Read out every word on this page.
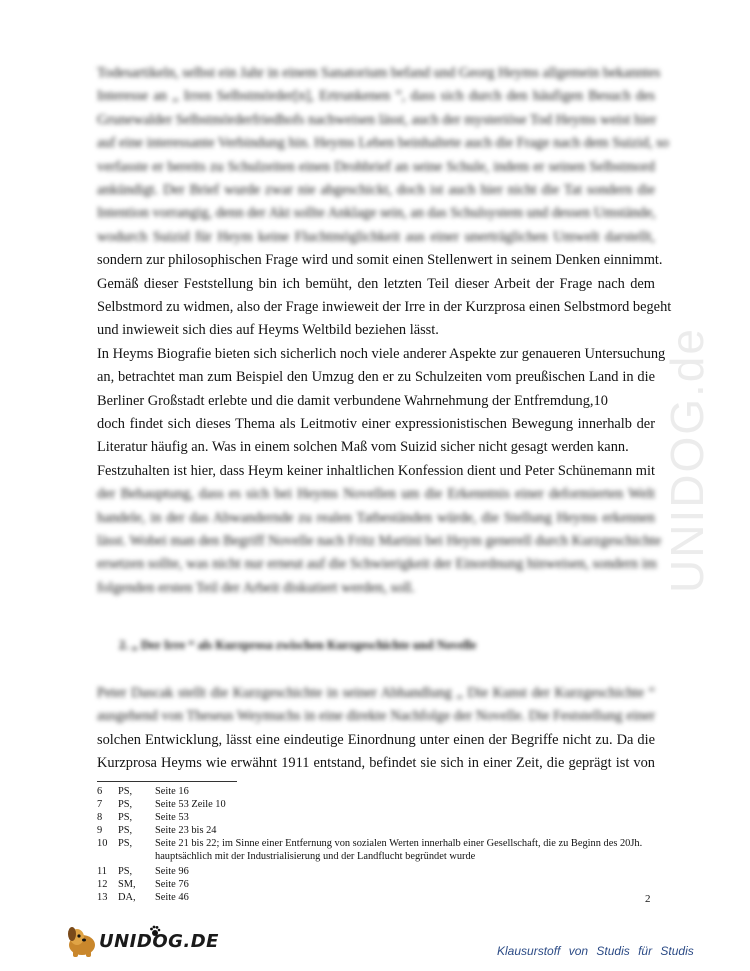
UNIDOG.de
Todesartikeln, selbst ein Jahr in einem Sanatorium befand und Georg Heyms allgemein bekanntes
Interesse an „ Irren Selbstmörder[n], Ertrunkenen ”, dass sich durch den häufigen Besuch des
Grunewalder Selbstmörderfriedhofs nachweisen lässt, auch der mysteriöse Tod Heyms weist hier
auf eine interessante Verbindung hin. Heyms Leben beinhaltete auch die Frage nach dem Suizid, so
verfasste er bereits zu Schulzeiten einen Drohbrief an seine Schule, indem er seinen Selbstmord
ankündigt. Der Brief wurde zwar nie abgeschickt, doch ist auch hier nicht die Tat sondern die
Intention vorrangig, denn der Akt sollte Anklage sein, an das Schulsystem und dessen Umstände,
wodurch Suizid für Heym keine Fluchtmöglichkeit aus einer unerträglichen Umwelt darstellt,
sondern zur philosophischen Frage wird und somit einen Stellenwert in seinem Denken einnimmt.
Gemäß dieser Feststellung bin ich bemüht, den letzten Teil dieser Arbeit der Frage nach dem
Selbstmord zu widmen, also der Frage inwieweit der Irre in der Kurzprosa einen Selbstmord begeht
und inwieweit sich dies auf Heyms Weltbild beziehen lässt.
In Heyms Biografie bieten sich sicherlich noch viele anderer Aspekte zur genaueren Untersuchung
an, betrachtet man zum Beispiel den Umzug den er zu Schulzeiten vom preußischen Land in die
Berliner Großstadt erlebte und die damit verbundene Wahrnehmung der Entfremdung,10
doch findet sich dieses Thema als Leitmotiv einer expressionistischen Bewegung innerhalb der
Literatur häufig an. Was in einem solchen Maß vom Suizid sicher nicht gesagt werden kann.
Festzuhalten ist hier, dass Heym keiner inhaltlichen Konfession dient und Peter Schünemann mit
der Behauptung, dass es sich bei Heyms Novellen um die Erkenntnis einer deformierten Welt
handele, in der das Abwandernde zu realen Tatbeständen würde, die Stellung Heyms erkennen
lässt. Wobei man den Begriff Novelle nach Fritz Martini bei Heym generell durch Kurzgeschichte
ersetzen sollte, was nicht nur erneut auf die Schwierigkeit der Einordnung hinweisen, sondern im
folgenden ersten Teil der Arbeit diskutiert werden, soll.
2. „ Der Irre “ als Kurzprosa zwischen Kurzgeschichte und Novelle
Peter Dascak stellt die Kurzgeschichte in seiner Abhandlung „ Die Kunst der Kurzgeschichte “
ausgehend von Theseus Weymuchs in eine direkte Nachfolge der Novelle. Die Feststellung einer
solchen Entwicklung, lässt eine eindeutige Einordnung unter einen der Begriffe nicht zu. Da die
Kurzprosa Heyms wie erwähnt 1911 entstand, befindet sie sich in einer Zeit, die geprägt ist von
6 PS, Seite 16
7 PS, Seite 53 Zeile 10
8 PS, Seite 53
9 PS, Seite 23 bis 24
10 PS, Seite 21 bis 22; im Sinne einer Entfernung von sozialen Werten innerhalb einer Gesellschaft, die zu Beginn des 20Jh. hauptsächlich mit der Industrialisierung und der Landflucht begründet wurde
11 PS, Seite 96
12 SM, Seite 76
13 DA, Seite 46	2
UNIDOG.DE	Klausurstoff von Studis für Studis
